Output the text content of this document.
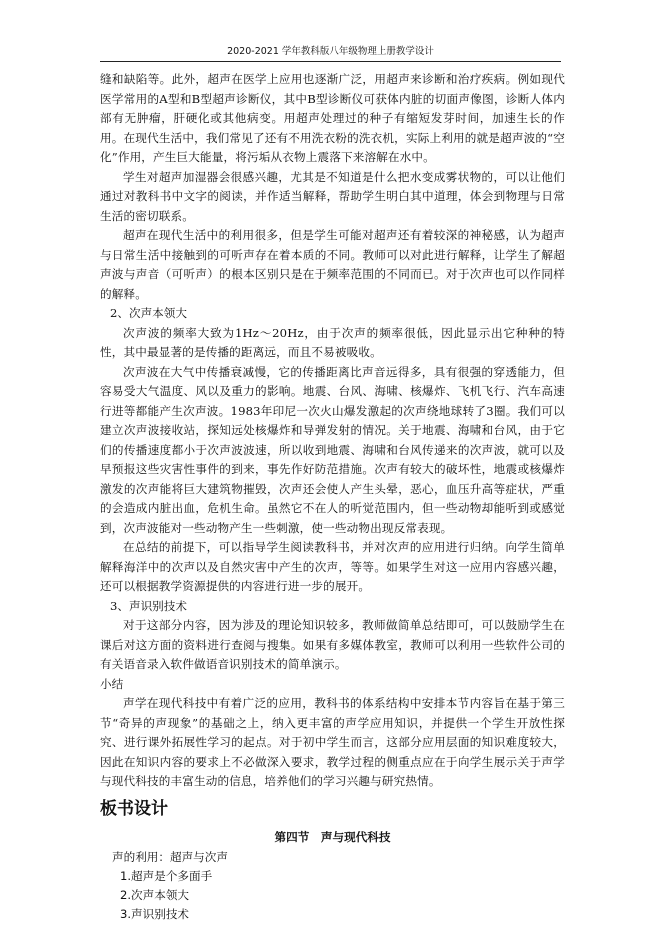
2020-2021 学年教科版八年级物理上册教学设计

缝和缺陷等。此外，超声在医学上应用也逐渐广泛，用超声来诊断和治疗疾病。例如现代医学常用的A型和B型超声诊断仪，其中B型诊断仪可获体内脏的切面声像图，诊断人体内部有无肿瘤，肝硬化或其他病变。用超声处理过的种子有缩短发芽时间，加速生长的作用。在现代生活中，我们常见了还有不用洗衣粉的洗衣机，实际上利用的就是超声波的“空化”作用，产生巨大能量，将污垢从衣物上震落下来溶解在水中。

学生对超声加湿器会很感兴趣，尤其是不知道是什么把水变成雾状物的，可以让他们通过对教科书中文字的阅读，并作适当解释，帮助学生明白其中道理，体会到物理与日常生活的密切联系。

超声在现代生活中的利用很多，但是学生可能对超声还有着较深的神秘感，认为超声与日常生活中接触到的可听声存在着本质的不同。教师可以对此进行解释，让学生了解超声波与声音（可听声）的根本区别只是在于频率范围的不同而已。对于次声也可以作同样的解释。

2、次声本领大

次声波的频率大致为1Hz～20Hz，由于次声的频率很低，因此显示出它种种的特性，其中最显著的是传播的距离远，而且不易被吸收。

次声波在大气中传播衰减慢，它的传播距离比声音远得多，具有很强的穿透能力，但容易受大气温度、风以及重力的影响。地震、台风、海啸、核爆炸、飞机飞行、汽车高速行进等都能产生次声波。1983年印尼一次火山爆发激起的次声绕地球转了3圈。我们可以建立次声波接收站，探知远处核爆炸和导弹发射的情况。关于地震、海啸和台风，由于它们的传播速度都小于次声波波速，所以收到地震、海啸和台风传递来的次声波，就可以及早预报这些灾害性事件的到来，事先作好防范措施。次声有较大的破坏性，地震或核爆炸激发的次声能将巨大建筑物摧毁，次声还会使人产生头晕，恶心，血压升高等症状，严重的会造成内脏出血，危机生命。虽然它不在人的听觉范围内，但一些动物却能听到或感觉到，次声波能对一些动物产生一些刺激，使一些动物出现反常表现。

在总结的前提下，可以指导学生阅读教科书，并对次声的应用进行归纳。向学生简单解释海洋中的次声以及自然灾害中产生的次声，等等。如果学生对这一应用内容感兴趣，还可以根据教学资源提供的内容进行进一步的展开。

3、声识别技术

对于这部分内容，因为涉及的理论知识较多，教师做简单总结即可，可以鼓励学生在课后对这方面的资料进行查阅与搜集。如果有多媒体教室，教师可以利用一些软件公司的有关语音录入软件做语音识别技术的简单演示。

小结

声学在现代科技中有着广泛的应用，教科书的体系结构中安排本节内容旨在基于第三节“奇异的声现象”的基础之上，纳入更丰富的声学应用知识，并提供一个学生开放性探究、进行课外拓展性学习的起点。对于初中学生而言，这部分应用层面的知识难度较大，因此在知识内容的要求上不必做深入要求，教学过程的侧重点应在于向学生展示关于声学与现代科技的丰富生动的信息，培养他们的学习兴趣与研究热情。

板书设计
第四节　声与现代科技

声的利用：超声与次声

1.超声是个多面手

2.次声本领大

3.声识别技术
